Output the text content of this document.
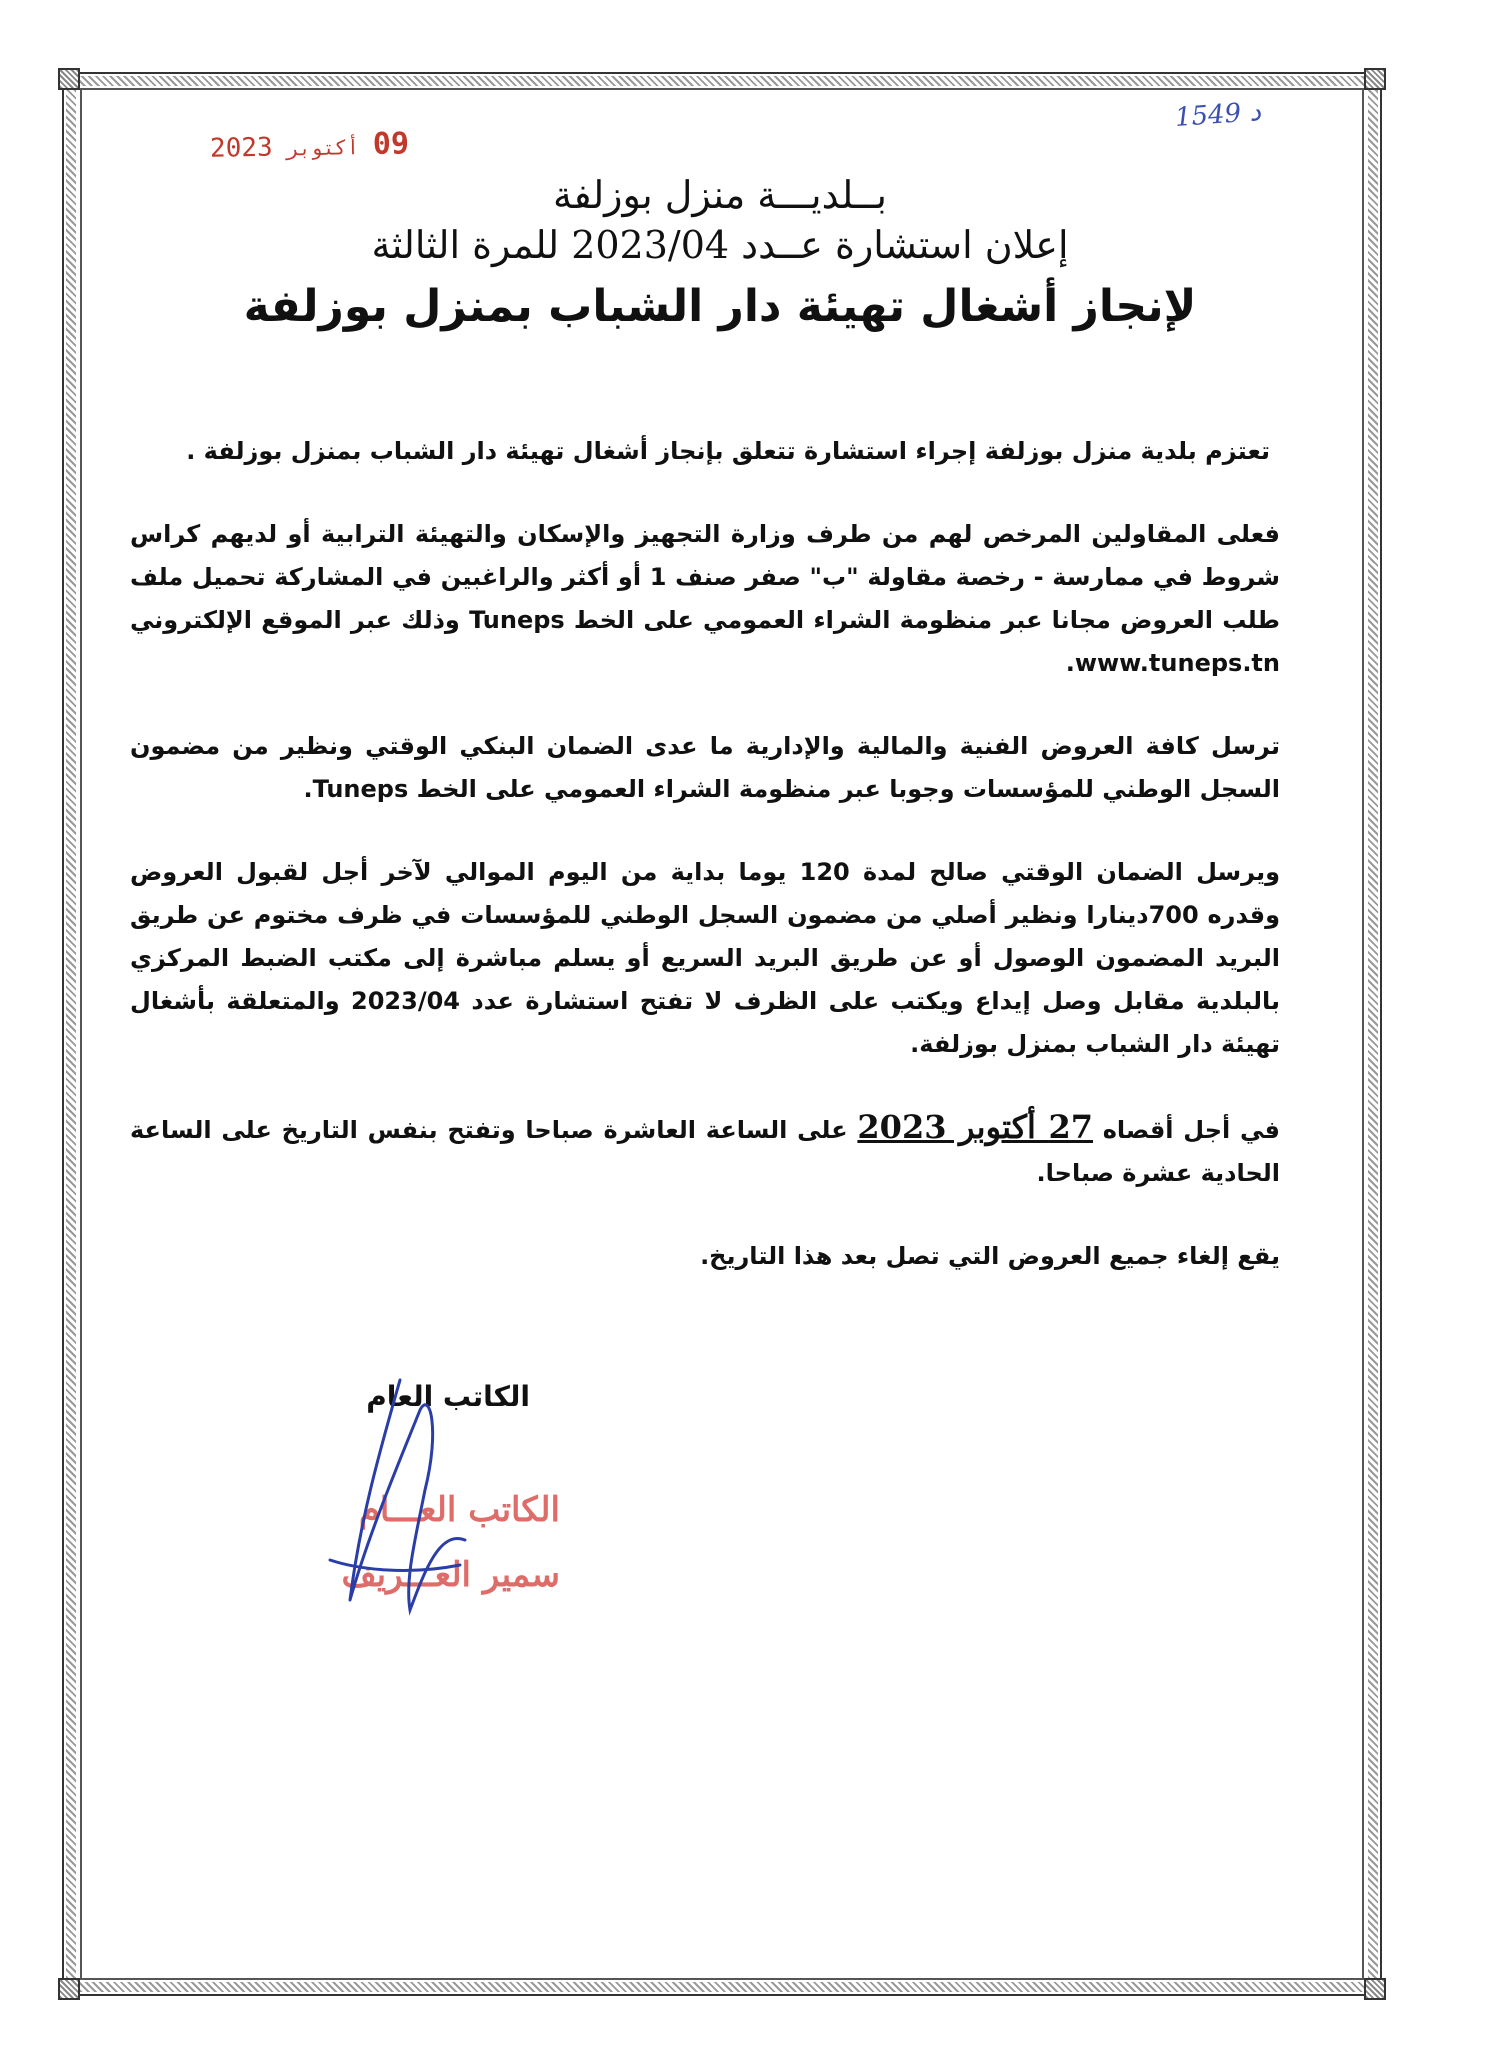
1549 د
09
أكتوبر
2023

بــلديـــة منزل بوزلفة

إعلان استشارة عــدد 2023/04 للمرة الثالثة

لإنجاز أشغال تهيئة دار الشباب بمنزل بوزلفة

تعتزم بلدية منزل بوزلفة إجراء استشارة تتعلق بإنجاز أشغال تهيئة دار الشباب بمنزل بوزلفة .

فعلى المقاولين المرخص لهم من طرف وزارة التجهيز والإسكان والتهيئة الترابية أو لديهم كراس شروط في ممارسة - رخصة مقاولة "ب" صفر صنف 1 أو أكثر والراغبين في المشاركة تحميل ملف طلب العروض مجانا عبر منظومة الشراء العمومي على الخط Tuneps وذلك عبر الموقع الإلكتروني www.tuneps.tn.

ترسل كافة العروض الفنية والمالية والإدارية ما عدى الضمان البنكي الوقتي ونظير من مضمون السجل الوطني للمؤسسات وجوبا عبر منظومة الشراء العمومي على الخط Tuneps.

ويرسل الضمان الوقتي صالح لمدة 120 يوما بداية من اليوم الموالي لآخر أجل لقبول العروض وقدره 700دينارا ونظير أصلي من مضمون السجل الوطني للمؤسسات في ظرف مختوم عن طريق البريد المضمون الوصول أو عن طريق البريد السريع أو يسلم مباشرة إلى مكتب الضبط المركزي بالبلدية مقابل وصل إيداع ويكتب على الظرف لا تفتح استشارة عدد 2023/04 والمتعلقة بأشغال تهيئة دار الشباب بمنزل بوزلفة.

في أجل أقصاه 27 أكتوبر 2023 على الساعة العاشرة صباحا وتفتح بنفس التاريخ على الساعة الحادية عشرة صباحا.

يقع إلغاء جميع العروض التي تصل بعد هذا التاريخ.

الكاتب العام
الكاتب العـــام
سمير العـــريف
